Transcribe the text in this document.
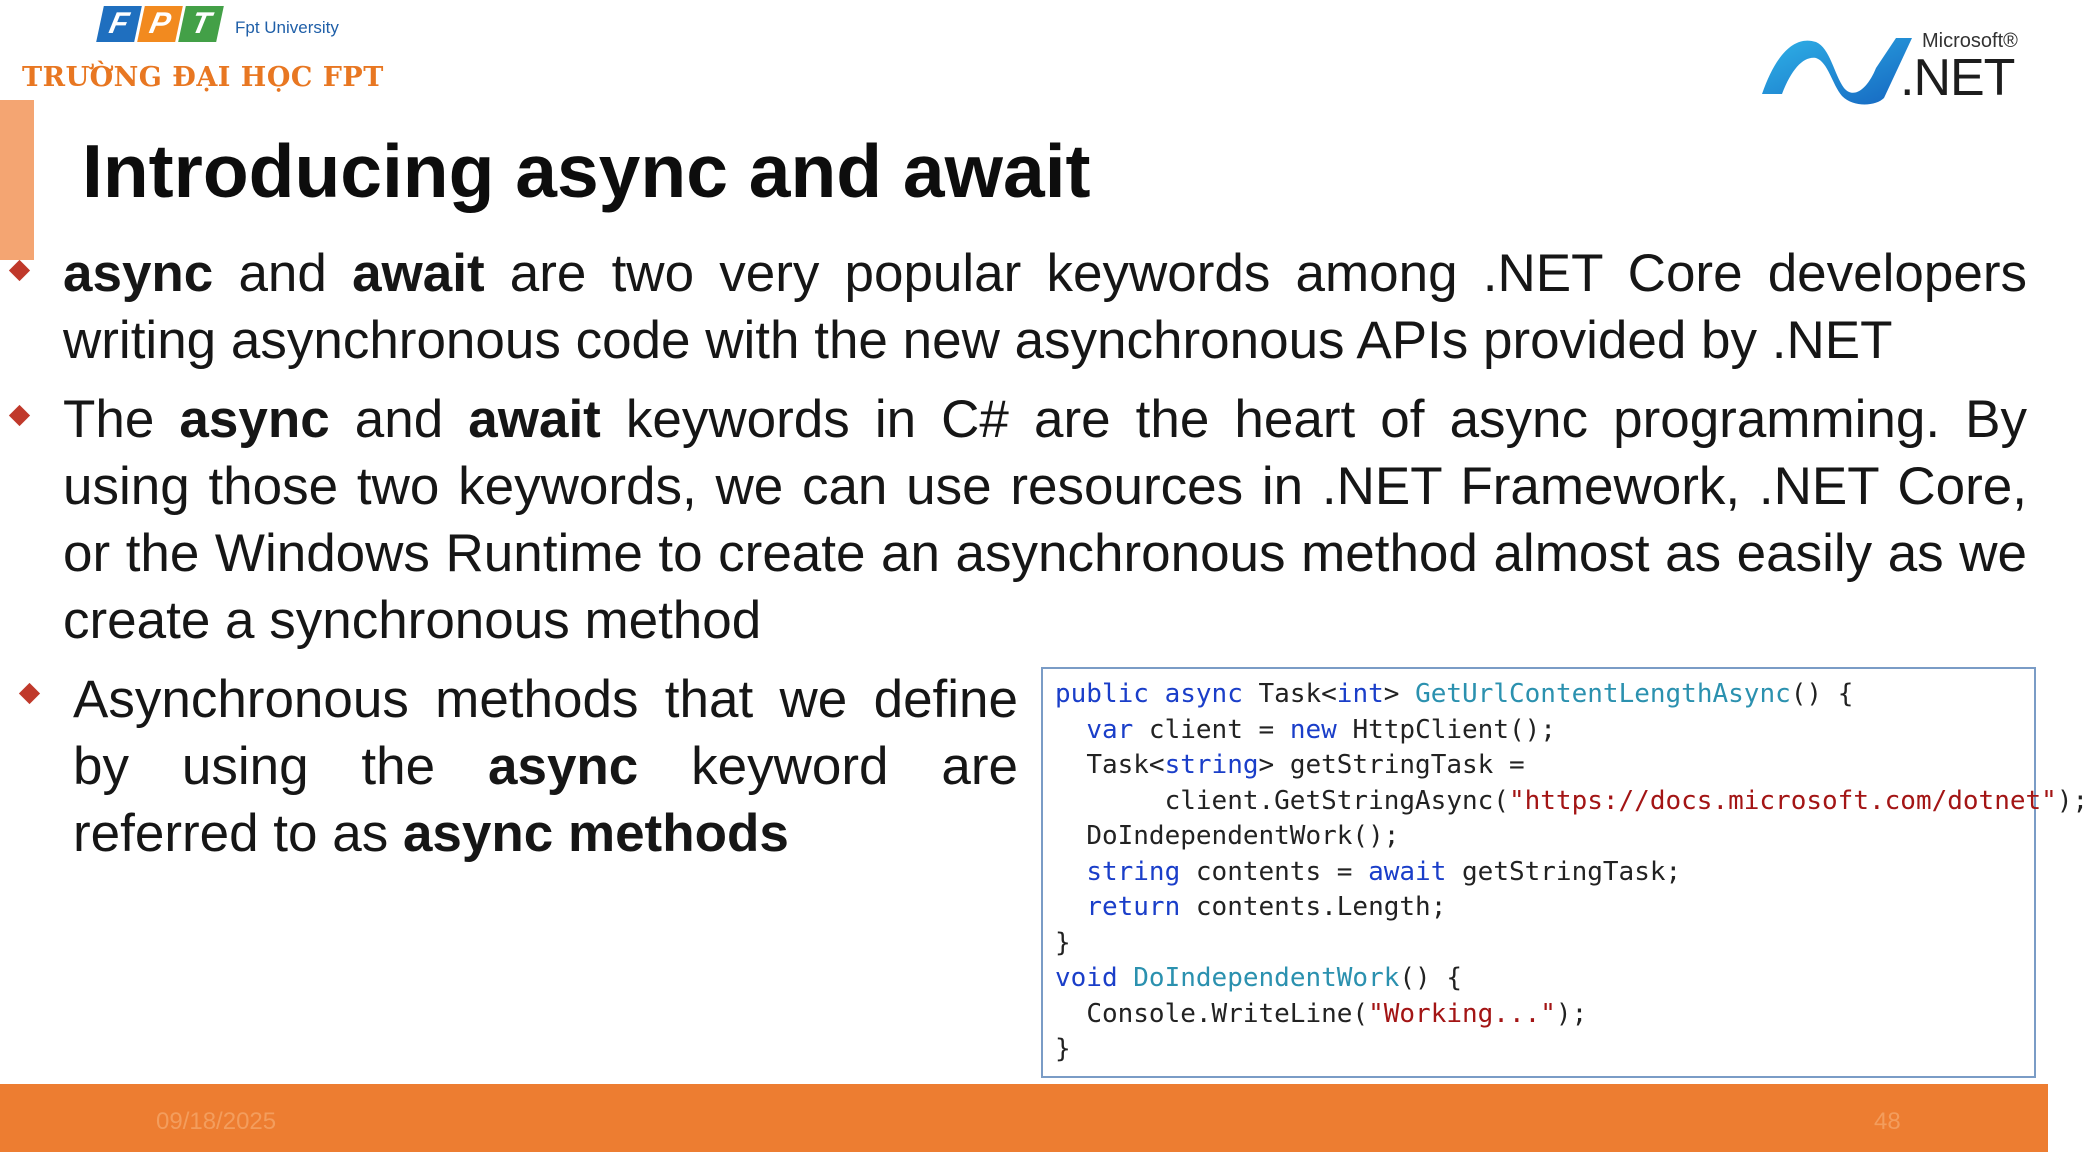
F P T	Fpt University
TRƯỜNG ĐẠI HỌC FPT
Microsoft®
.NET
Introducing async and await
async and await are two very popular keywords among .NET Core developers writing asynchronous code with the new asynchronous APIs provided by .NET
The async and await keywords in C# are the heart of async programming. By using those two keywords, we can use resources in .NET Framework, .NET Core, or the Windows Runtime to create an asynchronous method almost as easily as we create a synchronous method
Asynchronous methods that we define by using the async keyword are referred to as async methods
public async Task<int> GetUrlContentLengthAsync() {
var client = new HttpClient();
Task<string> getStringTask =
client.GetStringAsync("https://docs.microsoft.com/dotnet");
DoIndependentWork();
string contents = await getStringTask;
return contents.Length;
}
void DoIndependentWork() {
Console.WriteLine("Working...");
}
09/18/2025	48
